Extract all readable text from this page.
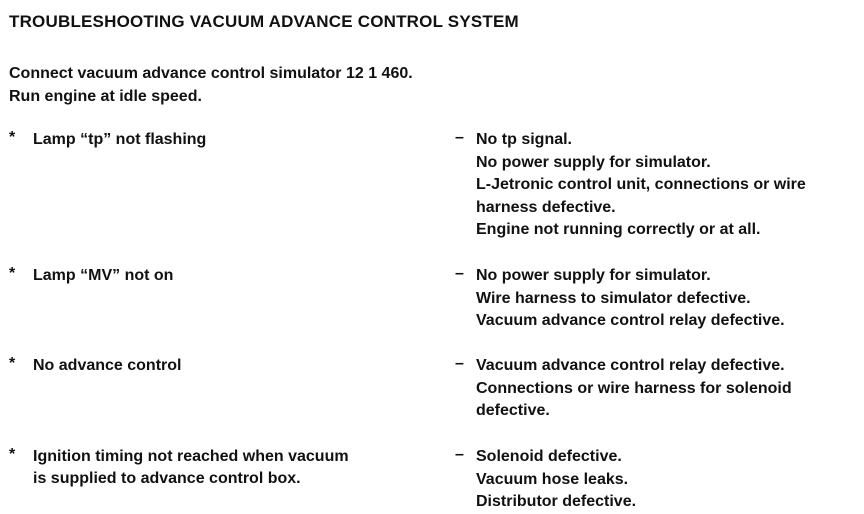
TROUBLESHOOTING VACUUM ADVANCE CONTROL SYSTEM
Connect vacuum advance control simulator 12 1 460.
Run engine at idle speed.
* Lamp “tp” not flashing	– No tp signal.
No power supply for simulator.
L-Jetronic control unit, connections or wire
harness defective.
Engine not running correctly or at all.
* Lamp “MV” not on	– No power supply for simulator.
Wire harness to simulator defective.
Vacuum advance control relay defective.
* No advance control	– Vacuum advance control relay defective.
Connections or wire harness for solenoid
defective.
* Ignition timing not reached when vacuum
is supplied to advance control box.
– Solenoid defective.
Vacuum hose leaks.
Distributor defective.
